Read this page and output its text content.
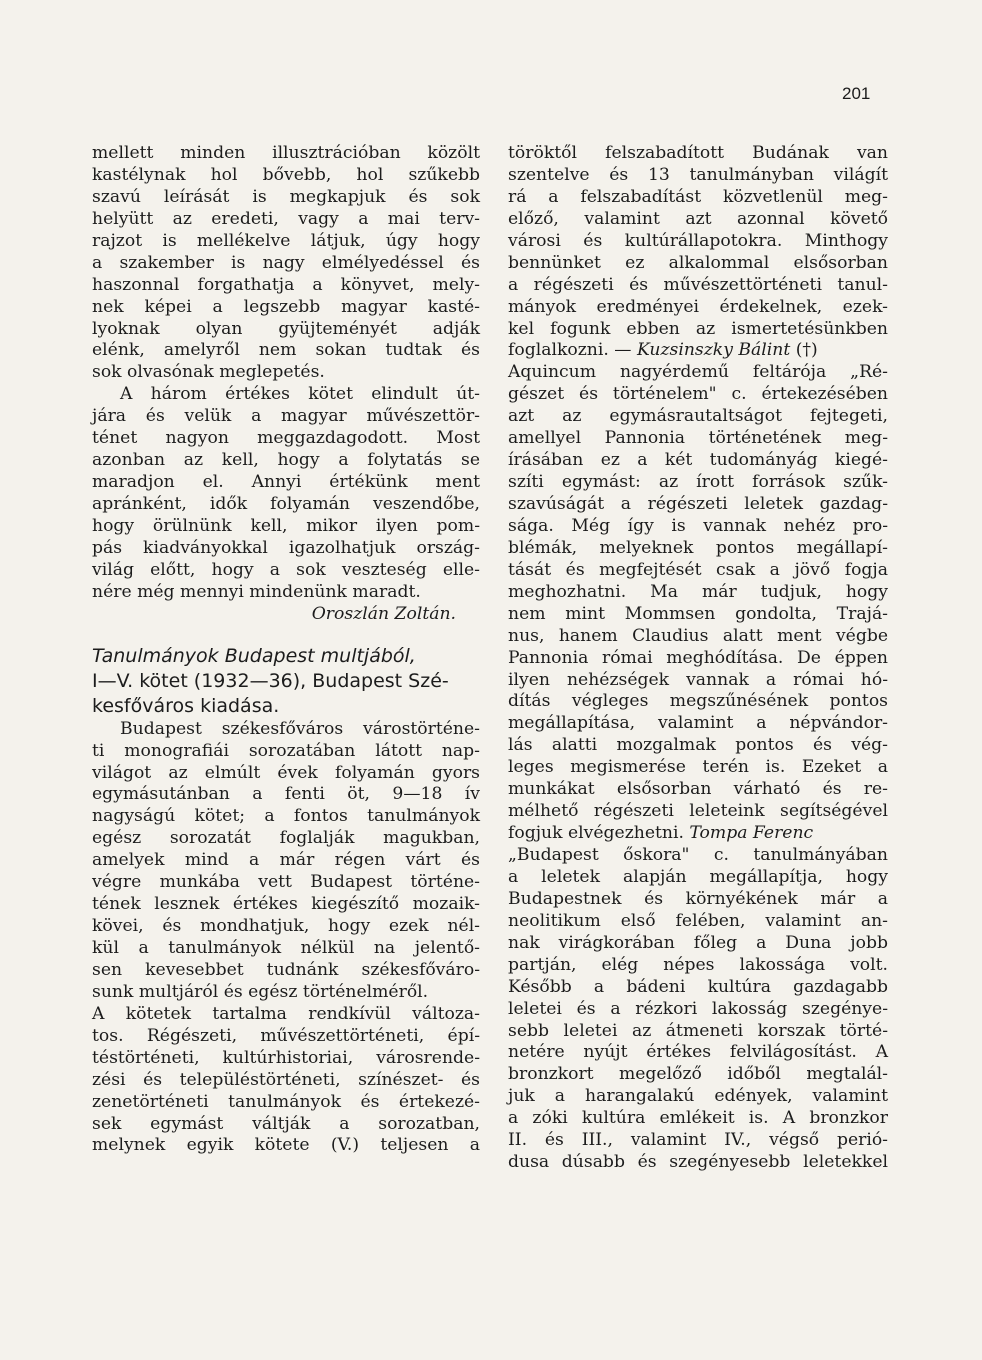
201
mellett minden illusztrációban közölt
kastélynak hol bővebb, hol szűkebb
szavú leírását is megkapjuk és sok
helyütt az eredeti, vagy a mai terv-
rajzot is mellékelve látjuk, úgy hogy
a szakember is nagy elmélyedéssel és
haszonnal forgathatja a könyvet, mely-
nek képei a legszebb magyar kasté-
lyoknak olyan gyüjteményét adják
elénk, amelyről nem sokan tudtak és
sok olvasónak meglepetés.
A három értékes kötet elindult út-
jára és velük a magyar művészettör-
ténet nagyon meggazdagodott. Most
azonban az kell, hogy a folytatás se
maradjon el. Annyi értékünk ment
apránként, idők folyamán veszendőbe,
hogy örülnünk kell, mikor ilyen pom-
pás kiadványokkal igazolhatjuk ország-
világ előtt, hogy a sok veszteség elle-
nére még mennyi mindenünk maradt.
Oroszlán Zoltán.
Tanulmányok Budapest multjából,
I—V. kötet (1932—36), Budapest Szé-
kesfőváros kiadása.
Budapest székesfőváros várostörténe-
ti monografiái sorozatában látott nap-
világot az elmúlt évek folyamán gyors
egymásutánban a fenti öt, 9—18 ív
nagyságú kötet; a fontos tanulmányok
egész sorozatát foglalják magukban,
amelyek mind a már régen várt és
végre munkába vett Budapest történe-
tének lesznek értékes kiegészítő mozaik-
kövei, és mondhatjuk, hogy ezek nél-
kül a tanulmányok nélkül na jelentő-
sen kevesebbet tudnánk székesfőváro-
sunk multjáról és egész történelméről.
A kötetek tartalma rendkívül változa-
tos. Régészeti, művészettörténeti, épí-
téstörténeti, kultúrhistoriai, városrende-
zési és településtörténeti, színészet- és
zenetörténeti tanulmányok és értekezé-
sek egymást váltják a sorozatban,
melynek egyik kötete (V.) teljesen a
töröktől felszabadított Budának van
szentelve és 13 tanulmányban világít
rá a felszabadítást közvetlenül meg-
előző, valamint azt azonnal követő
városi és kultúrállapotokra. Minthogy
bennünket ez alkalommal elsősorban
a régészeti és művészettörténeti tanul-
mányok eredményei érdekelnek, ezek-
kel fogunk ebben az ismertetésünkben
foglalkozni. — Kuzsinszky Bálint (†)
Aquincum nagyérdemű feltárója „Ré-
gészet és történelem" c. értekezésében
azt az egymásrautaltságot fejtegeti,
amellyel Pannonia történetének meg-
írásában ez a két tudományág kiegé-
szíti egymást: az írott források szűk-
szavúságát a régészeti leletek gazdag-
sága. Még így is vannak nehéz pro-
blémák, melyeknek pontos megállapí-
tását és megfejtését csak a jövő fogja
meghozhatni. Ma már tudjuk, hogy
nem mint Mommsen gondolta, Trajá-
nus, hanem Claudius alatt ment végbe
Pannonia római meghódítása. De éppen
ilyen nehézségek vannak a római hó-
dítás végleges megszűnésének pontos
megállapítása, valamint a népvándor-
lás alatti mozgalmak pontos és vég-
leges megismerése terén is. Ezeket a
munkákat elsősorban várható és re-
mélhető régészeti leleteink segítségével
fogjuk elvégezhetni. Tompa Ferenc
„Budapest őskora" c. tanulmányában
a leletek alapján megállapítja, hogy
Budapestnek és környékének már a
neolitikum első felében, valamint an-
nak virágkorában főleg a Duna jobb
partján, elég népes lakossága volt.
Később a bádeni kultúra gazdagabb
leletei és a rézkori lakosság szegénye-
sebb leletei az átmeneti korszak törté-
netére nyújt értékes felvilágosítást. A
bronzkort megelőző időből megtalál-
juk a harangalakú edények, valamint
a zóki kultúra emlékeit is. A bronzkor
II. és III., valamint IV., végső perió-
dusa dúsabb és szegényesebb leletekkel
